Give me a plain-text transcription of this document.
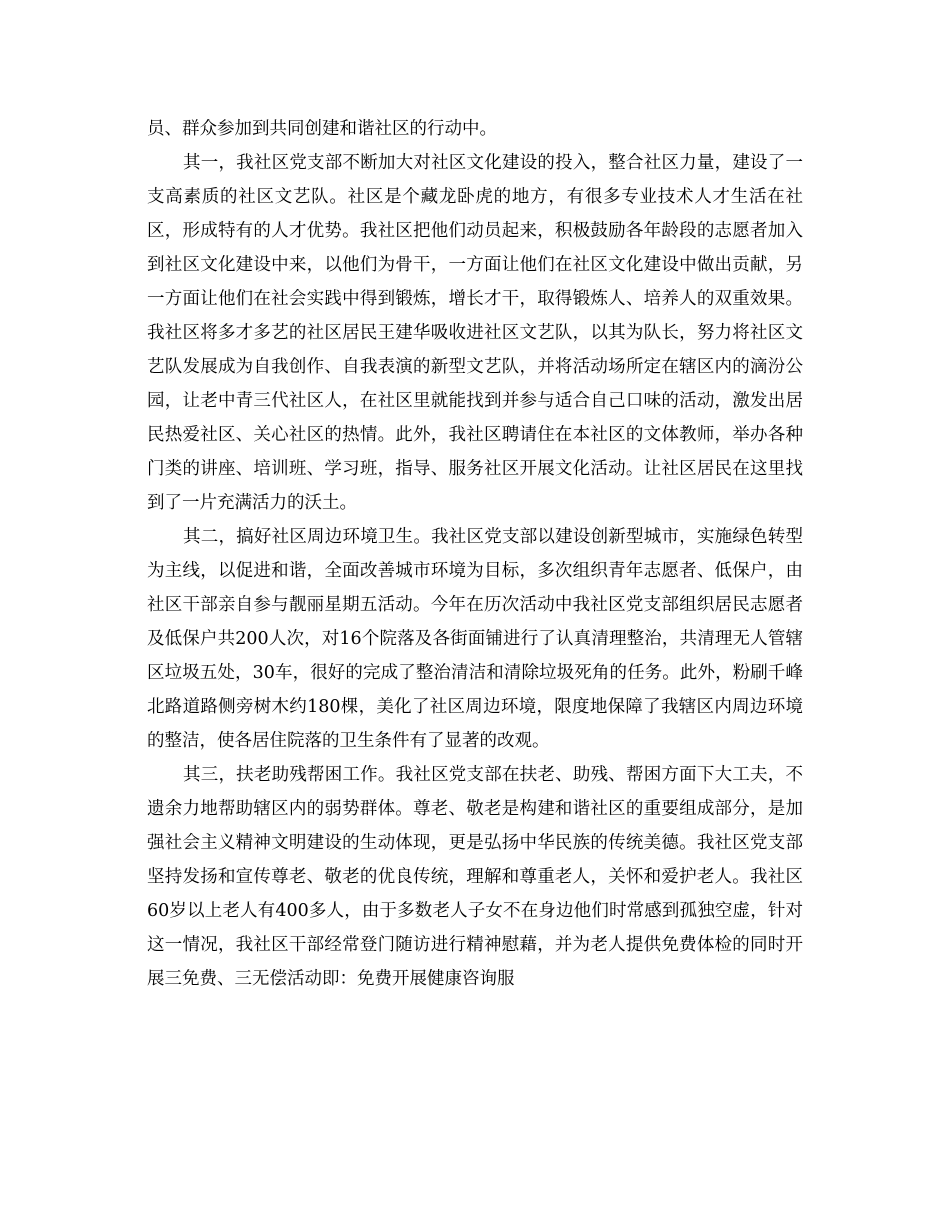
员、群众参加到共同创建和谐社区的行动中。

其一，我社区党支部不断加大对社区文化建设的投入，整合社区力量，建设了一支高素质的社区文艺队。社区是个藏龙卧虎的地方，有很多专业技术人才生活在社区，形成特有的人才优势。我社区把他们动员起来，积极鼓励各年龄段的志愿者加入到社区文化建设中来，以他们为骨干，一方面让他们在社区文化建设中做出贡献，另一方面让他们在社会实践中得到锻炼，增长才干，取得锻炼人、培养人的双重效果。我社区将多才多艺的社区居民王建华吸收进社区文艺队，以其为队长，努力将社区文艺队发展成为自我创作、自我表演的新型文艺队，并将活动场所定在辖区内的滴汾公园，让老中青三代社区人，在社区里就能找到并参与适合自己口味的活动，激发出居民热爱社区、关心社区的热情。此外，我社区聘请住在本社区的文体教师，举办各种门类的讲座、培训班、学习班，指导、服务社区开展文化活动。让社区居民在这里找到了一片充满活力的沃土。

其二，搞好社区周边环境卫生。我社区党支部以建设创新型城市，实施绿色转型为主线，以促进和谐，全面改善城市环境为目标，多次组织青年志愿者、低保户，由社区干部亲自参与靓丽星期五活动。今年在历次活动中我社区党支部组织居民志愿者及低保户共200人次，对16个院落及各街面铺进行了认真清理整治，共清理无人管辖区垃圾五处，30车，很好的完成了整治清洁和清除垃圾死角的任务。此外，粉刷千峰北路道路侧旁树木约180棵，美化了社区周边环境，限度地保障了我辖区内周边环境的整洁，使各居住院落的卫生条件有了显著的改观。

其三，扶老助残帮困工作。我社区党支部在扶老、助残、帮困方面下大工夫，不遗余力地帮助辖区内的弱势群体。尊老、敬老是构建和谐社区的重要组成部分，是加强社会主义精神文明建设的生动体现，更是弘扬中华民族的传统美德。我社区党支部坚持发扬和宣传尊老、敬老的优良传统，理解和尊重老人，关怀和爱护老人。我社区60岁以上老人有400多人，由于多数老人子女不在身边他们时常感到孤独空虚，针对这一情况，我社区干部经常登门随访进行精神慰藉，并为老人提供免费体检的同时开展三免费、三无偿活动即：免费开展健康咨询服
